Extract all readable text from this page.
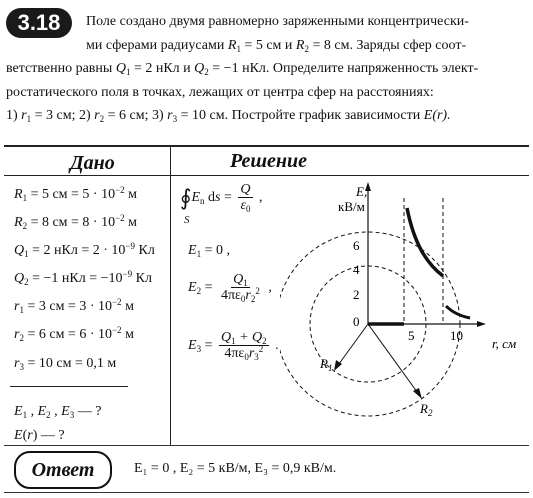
3.18	Поле создано двумя равномерно заряженными концентрически-
ми сферами радиусами $R_1 = 5$ см и $R_2 = 8$ см. Заряды сфер соот-
ветственно равны $Q_1 = 2$ нКл и $Q_2 = -1$ нКл. Определите напряженность элект-
ростатического поля в точках, лежащих от центра сфер на расстояниях:
1) $r_1 = 3$ см; 2) $r_2 = 6$ см; 3) $r_3 = 10$ см. Постройте график зависимости E(r).
Дано	Решение
$R_1 = 5$ см = $5 \cdot 10^{-2}$ м
$R_2 = 8$ см = $8 \cdot 10^{-2}$ м
$Q_1 = 2$ нКл = $2 \cdot 10^{-9}$ Кл
$Q_2 = -1$ нКл = $-10^{-9}$ Кл
$r_1 = 3$ см = $3 \cdot 10^{-2}$ м
$r_2 = 6$ см = $6 \cdot 10^{-2}$ м
$r_3 = 10$ см = 0,1 м
$E_1$ , $E_2$ , $E_3$ — ?
E(r) — ?
$∮E_n$ ds = $\frac{Q}{\varepsilon_0}$ ,
S
$E_1 = 0$ ,
$E_2 = \frac{Q_1}{4\pi\varepsilon_0r_2^2}$ ,
$E_3 = \frac{Q_1 + Q_2}{4\pi\varepsilon_0r_3^2}$ .
E,
кВ/м
6
4
2
0
5	10
r, см
$R_1$
$R_2$
Ответ	E₁ = 0 , E₂ = 5 кВ/м, E₃ = 0,9 кВ/м.
